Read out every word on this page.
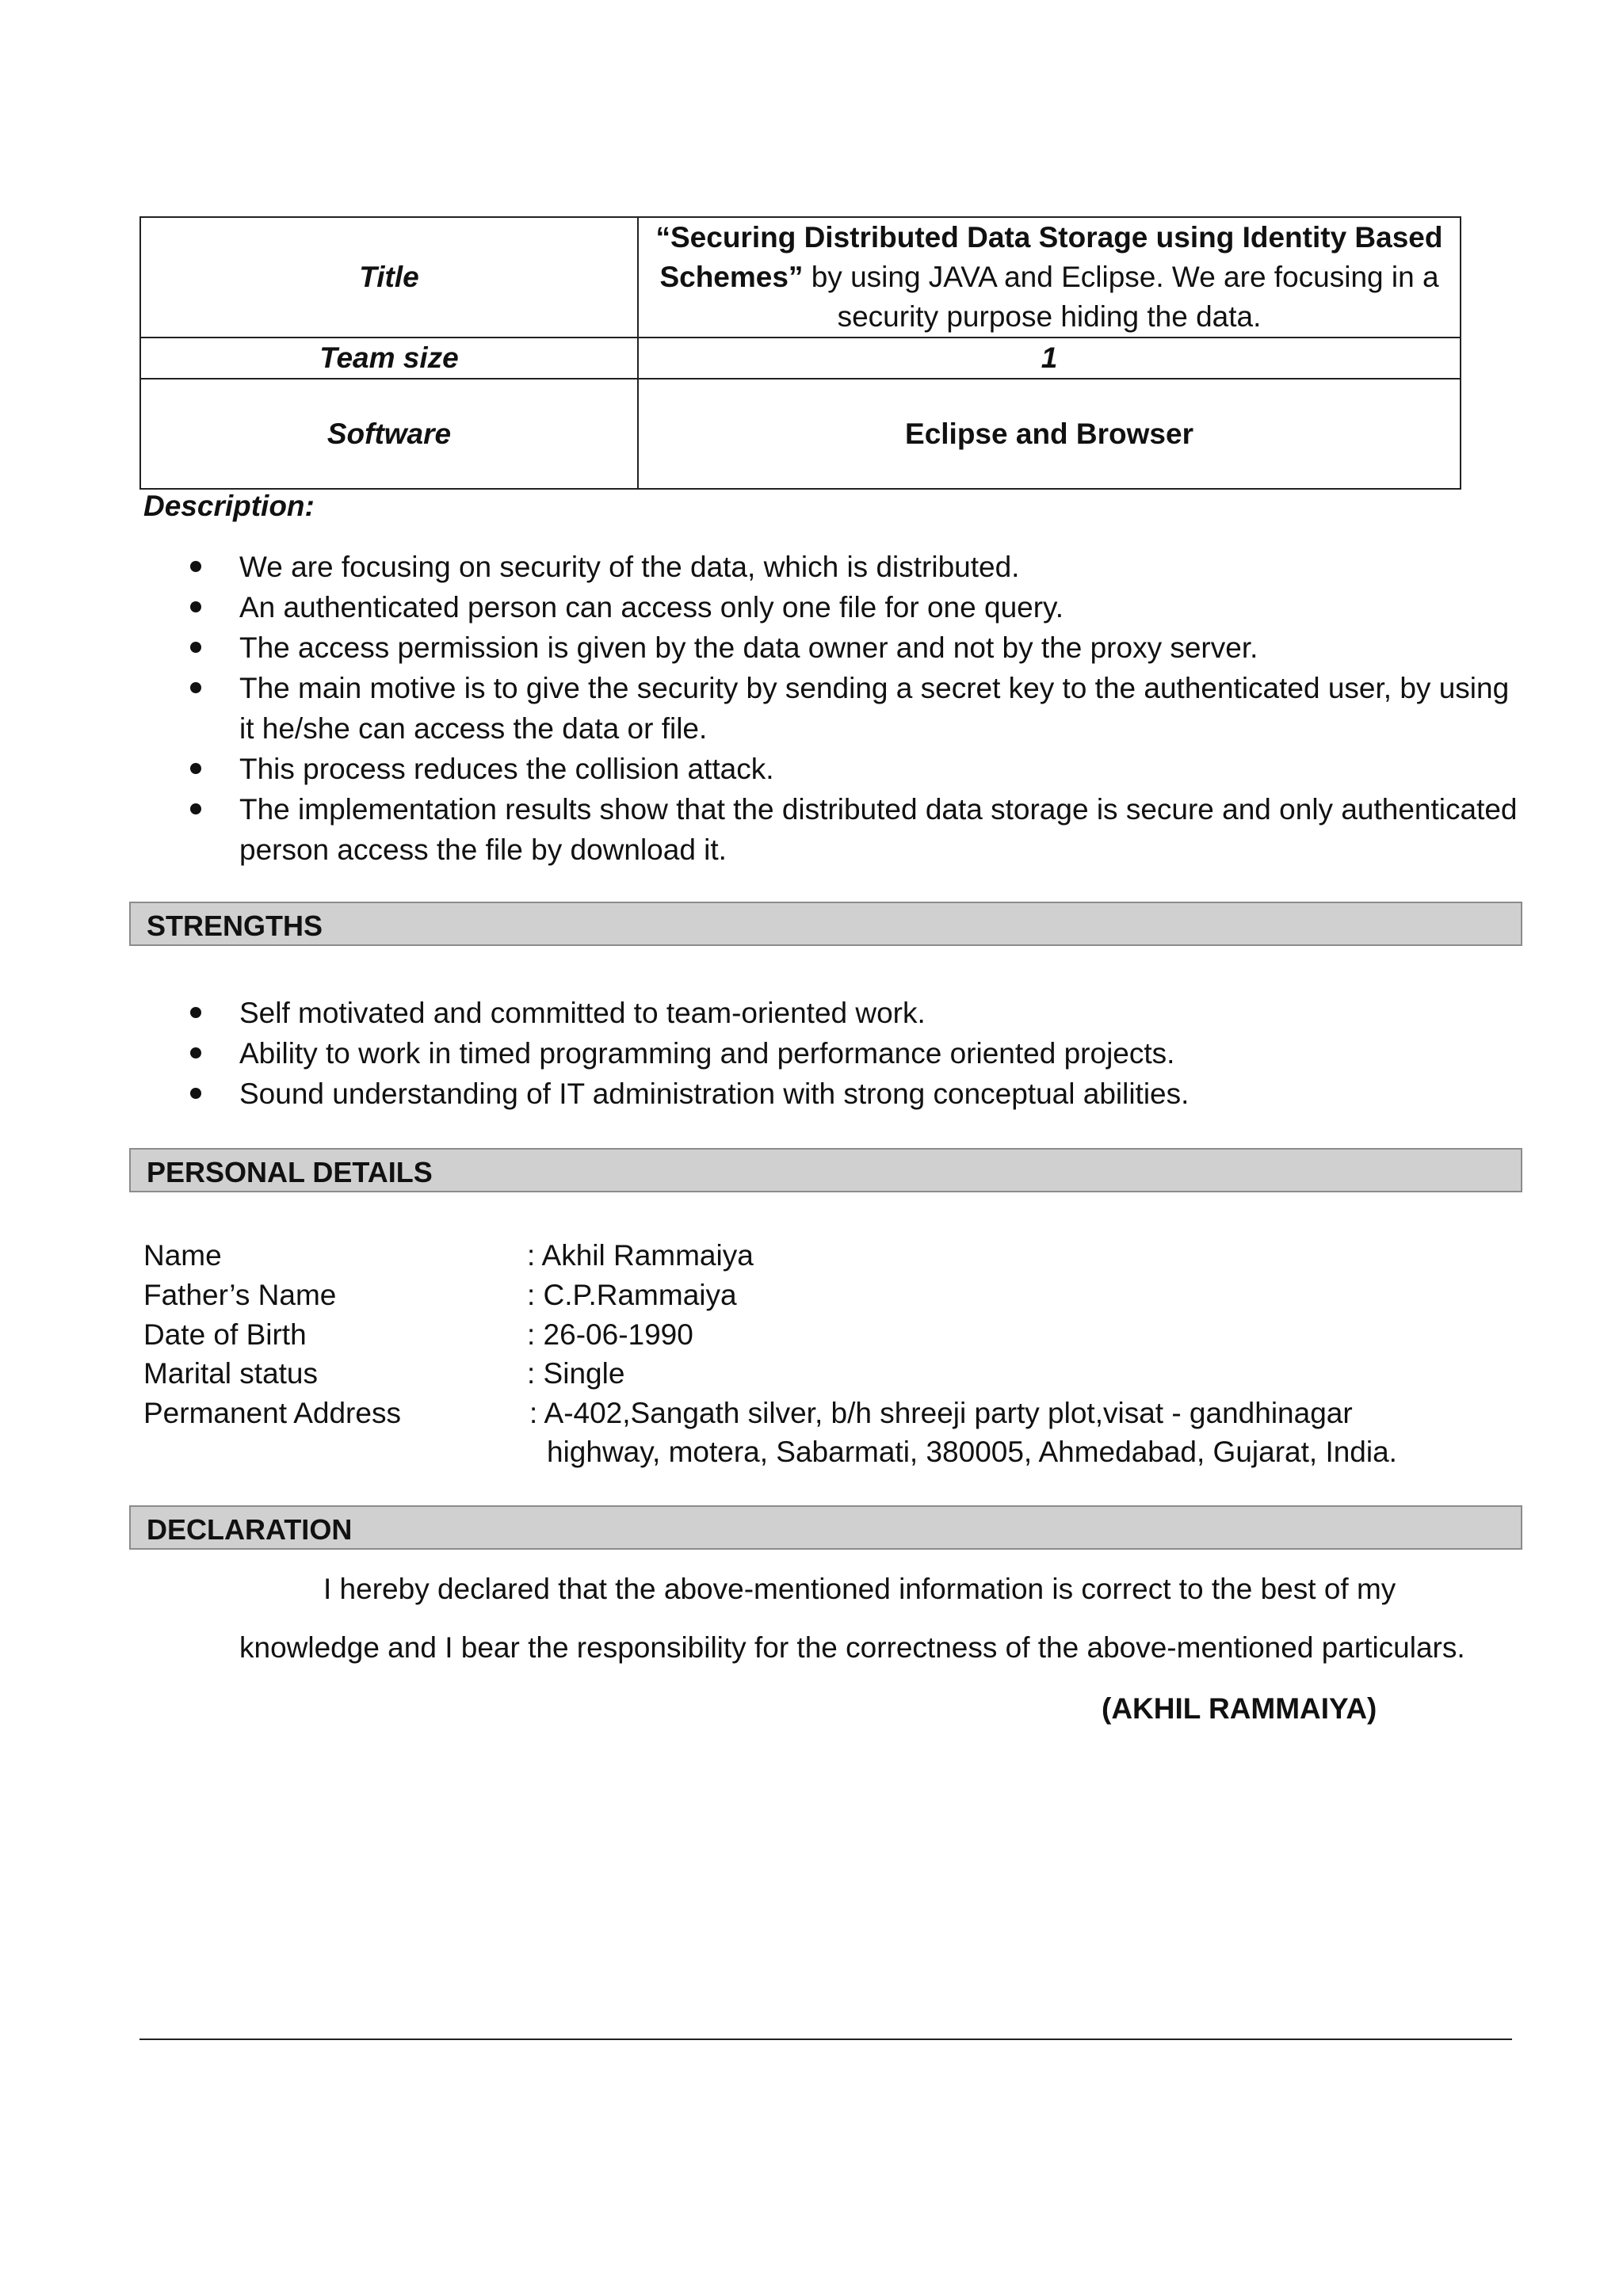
Title	“Securing Distributed Data Storage using Identity Based Schemes” by using JAVA and Eclipse. We are focusing in a security purpose hiding the data.
Team size	1
Software	Eclipse and Browser
Description:
We are focusing on security of the data, which is distributed.
An authenticated person can access only one file for one query.
The access permission is given by the data owner and not by the proxy server.
The main motive is to give the security by sending a secret key to the authenticated user, by using it he/she can access the data or file.
This process reduces the collision attack.
The implementation results show that the distributed data storage is secure and only authenticated person access the file by download it.
STRENGTHS
Self motivated and committed to team-oriented work.
Ability to work in timed programming and performance oriented projects.
Sound understanding of IT administration with strong conceptual abilities.
PERSONAL DETAILS
Name	: Akhil Rammaiya
Father’s Name	: C.P.Rammaiya
Date of Birth	: 26-06-1990
Marital status	: Single
Permanent Address	: A-402,Sangath silver, b/h shreeji party plot,visat - gandhinagar
highway, motera, Sabarmati, 380005, Ahmedabad, Gujarat, India.
DECLARATION
I hereby declared that the above-mentioned information is correct to the best of my
knowledge and I bear the responsibility for the correctness of the above-mentioned particulars.
(AKHIL RAMMAIYA)
